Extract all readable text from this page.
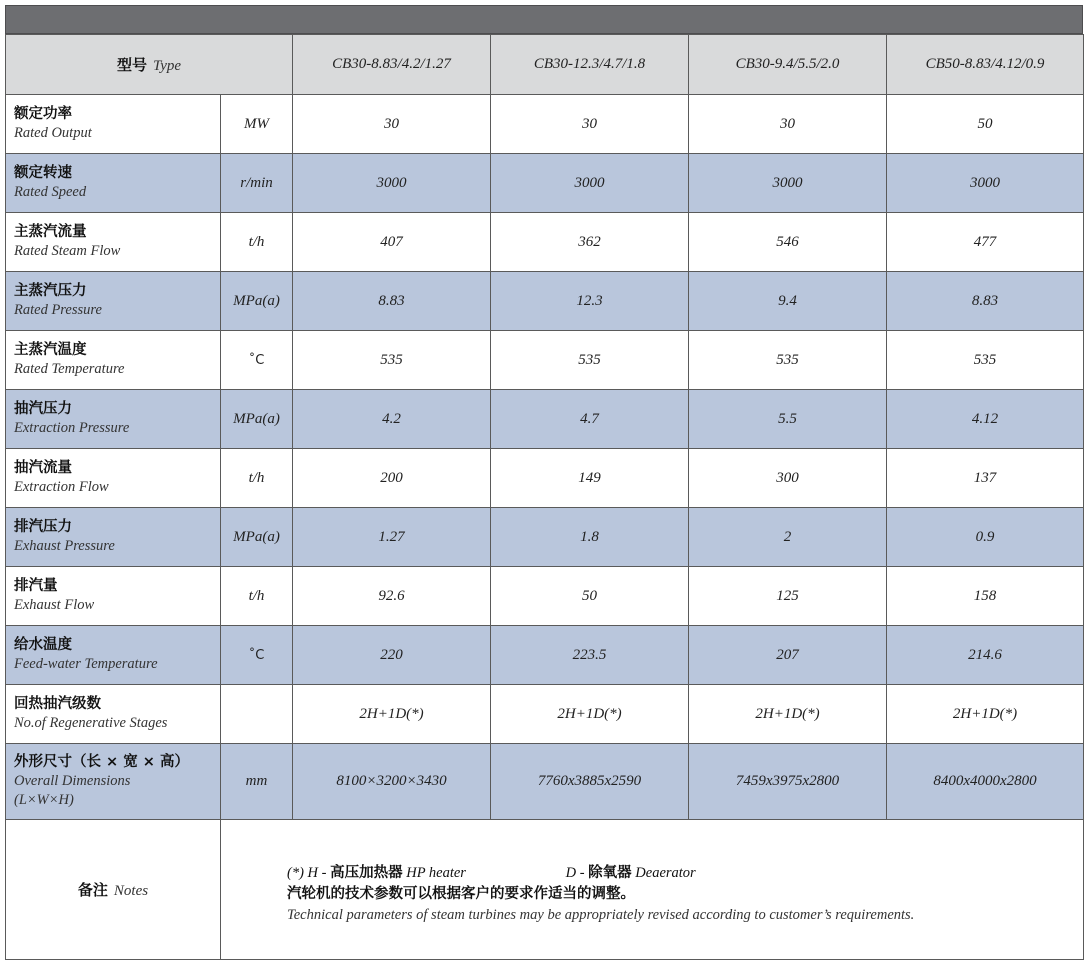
型号 Type		CB30-8.83/4.2/1.27	CB30-12.3/4.7/1.8	CB30-9.4/5.5/2.0	CB50-8.83/4.12/0.9

额定功率
Rated Output	MW	30	30	30	50

额定转速
Rated Speed	r/min	3000	3000	3000	3000

主蒸汽流量
Rated Steam Flow	t/h	407	362	546	477

主蒸汽压力
Rated Pressure	MPa(a)	8.83	12.3	9.4	8.83

主蒸汽温度
Rated Temperature	˚C	535	535	535	535

抽汽压力
Extraction Pressure	MPa(a)	4.2	4.7	5.5	4.12

抽汽流量
Extraction Flow	t/h	200	149	300	137

排汽压力
Exhaust Pressure	MPa(a)	1.27	1.8	2	0.9

排汽量
Exhaust Flow	t/h	92.6	50	125	158

给水温度
Feed-water Temperature	˚C	220	223.5	207	214.6

回热抽汽级数
No.of Regenerative Stages		2H+1D(*)	2H+1D(*)	2H+1D(*)	2H+1D(*)

外形尺寸（长 × 宽 × 高）
Overall Dimensions
(L×W×H)	mm	8100×3200×3430	7760x3885x2590	7459x3975x2800	8400x4000x2800
备注 Notes	(*) H - 高压加热器 HP heater D - 除氧器 Deaerator
汽轮机的技术参数可以根据客户的要求作适当的调整。
Technical parameters of steam turbines may be appropriately revised according to customer’s requirements.				
